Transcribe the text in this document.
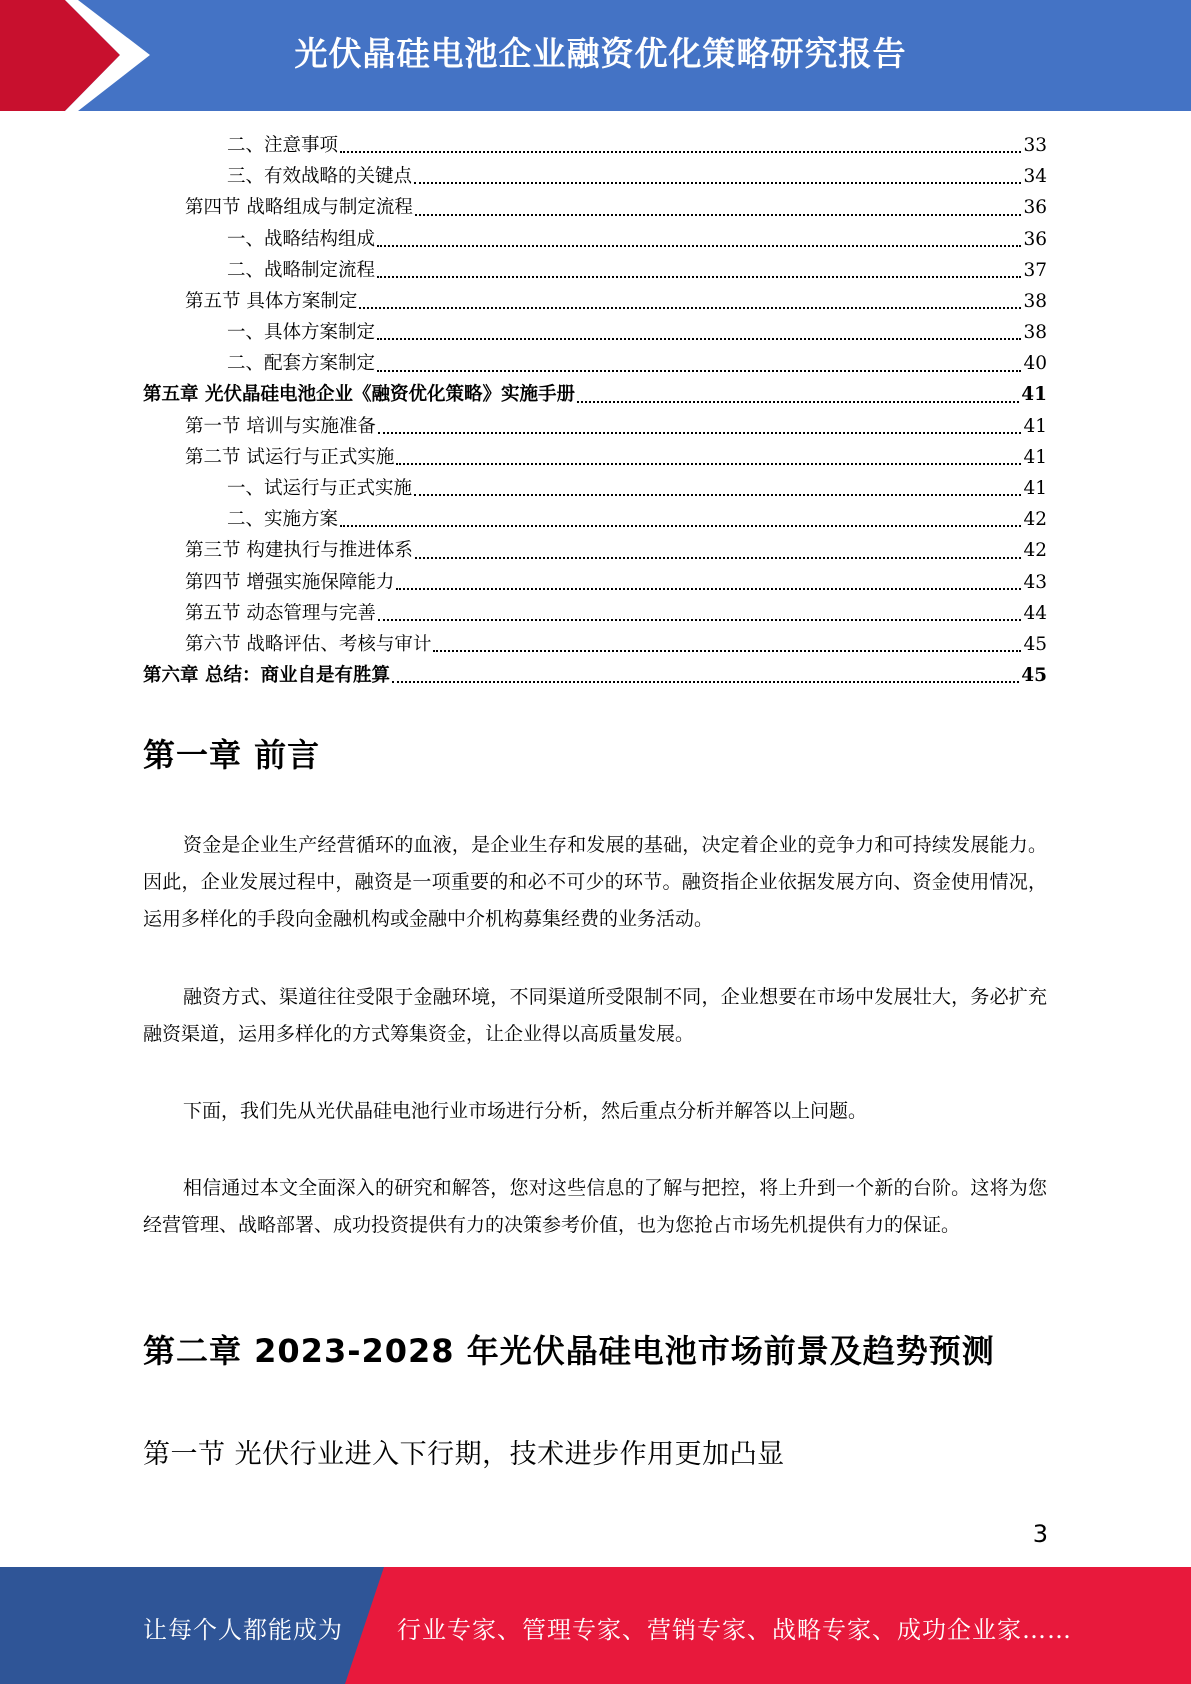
光伏晶硅电池企业融资优化策略研究报告
二、注意事项	33
三、有效战略的关键点	34
第四节 战略组成与制定流程	36
一、战略结构组成	36
二、战略制定流程	37
第五节 具体方案制定	38
一、具体方案制定	38
二、配套方案制定	40
第五章 光伏晶硅电池企业《融资优化策略》实施手册	41
第一节 培训与实施准备	41
第二节 试运行与正式实施	41
一、试运行与正式实施	41
二、实施方案	42
第三节 构建执行与推进体系	42
第四节 增强实施保障能力	43
第五节 动态管理与完善	44
第六节 战略评估、考核与审计	45
第六章 总结：商业自是有胜算	45
第一章 前言
资金是企业生产经营循环的血液，是企业生存和发展的基础，决定着企业的竞争力和可持续发展能力。因此，企业发展过程中，融资是一项重要的和必不可少的环节。融资指企业依据发展方向、资金使用情况，运用多样化的手段向金融机构或金融中介机构募集经费的业务活动。
融资方式、渠道往往受限于金融环境，不同渠道所受限制不同，企业想要在市场中发展壮大，务必扩充融资渠道，运用多样化的方式筹集资金，让企业得以高质量发展。
下面，我们先从光伏晶硅电池行业市场进行分析，然后重点分析并解答以上问题。
相信通过本文全面深入的研究和解答，您对这些信息的了解与把控，将上升到一个新的台阶。这将为您经营管理、战略部署、成功投资提供有力的决策参考价值，也为您抢占市场先机提供有力的保证。
第二章 2023-2028 年光伏晶硅电池市场前景及趋势预测
第一节 光伏行业进入下行期，技术进步作用更加凸显
3
让每个人都能成为 行业专家、管理专家、营销专家、战略专家、成功企业家……
